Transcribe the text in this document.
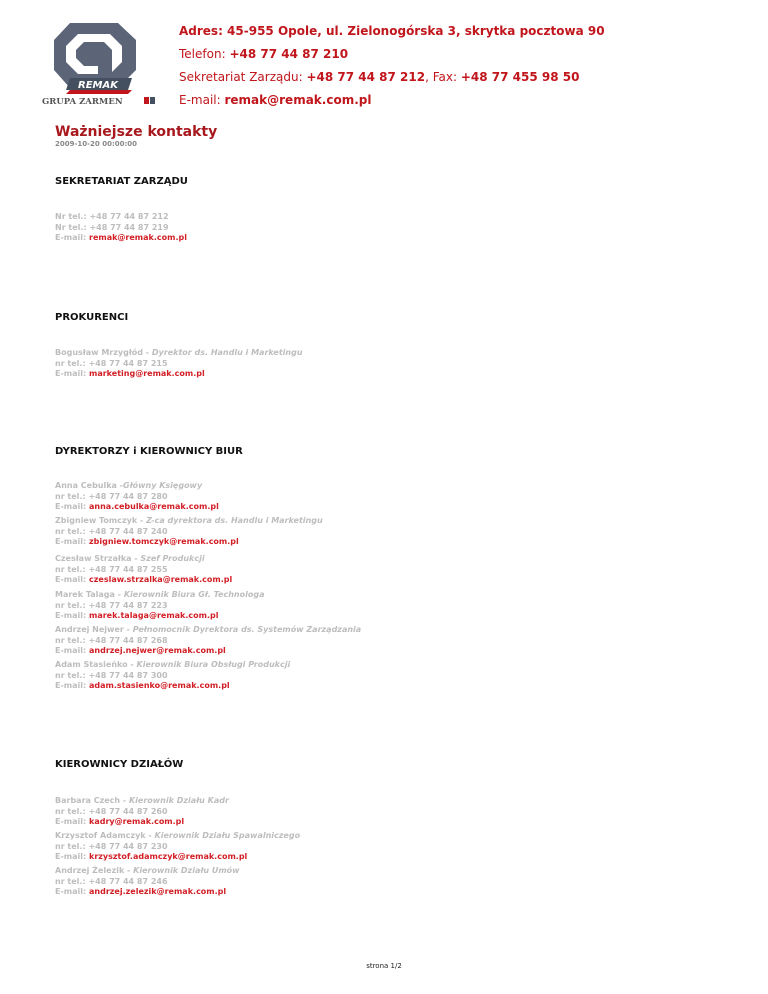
REMAK
GRUPA ZARMEN
Adres: 45-955 Opole, ul. Zielonogórska 3, skrytka pocztowa 90
Telefon: +48 77 44 87 210
Sekretariat Zarządu: +48 77 44 87 212, Fax: +48 77 455 98 50
E-mail: remak@remak.com.pl
Ważniejsze kontakty
2009-10-20 00:00:00
SEKRETARIAT ZARZĄDU
Nr tel.: +48 77 44 87 212
Nr tel.: +48 77 44 87 219
E-mail: remak@remak.com.pl
PROKURENCI
Bogusław Mrzygłód - Dyrektor ds. Handlu i Marketingu
nr tel.: +48 77 44 87 215
E-mail: marketing@remak.com.pl
DYREKTORZY i KIEROWNICY BIUR
Anna Cebulka -Główny Księgowy
nr tel.: +48 77 44 87 280
E-mail: anna.cebulka@remak.com.pl
Zbigniew Tomczyk - Z-ca dyrektora ds. Handlu i Marketingu
nr tel.: +48 77 44 87 240
E-mail: zbigniew.tomczyk@remak.com.pl
Czesław Strzałka - Szef Produkcji
nr tel.: +48 77 44 87 255
E-mail: czeslaw.strzalka@remak.com.pl
Marek Talaga - Kierownik Biura Gł. Technologa
nr tel.: +48 77 44 87 223
E-mail: marek.talaga@remak.com.pl
Andrzej Nejwer - Pełnomocnik Dyrektora ds. Systemów Zarządzania
nr tel.: +48 77 44 87 268
E-mail: andrzej.nejwer@remak.com.pl
Adam Stasieńko - Kierownik Biura Obsługi Produkcji
nr tel.: +48 77 44 87 300
E-mail: adam.stasienko@remak.com.pl
KIEROWNICY DZIAŁÓW
Barbara Czech - Kierownik Działu Kadr
nr tel.: +48 77 44 87 260
E-mail: kadry@remak.com.pl
Krzysztof Adamczyk - Kierownik Działu Spawalniczego
nr tel.: +48 77 44 87 230
E-mail: krzysztof.adamczyk@remak.com.pl
Andrzej Żelezik - Kierownik Działu Umów
nr tel.: +48 77 44 87 246
E-mail: andrzej.zelezik@remak.com.pl
strona 1/2
